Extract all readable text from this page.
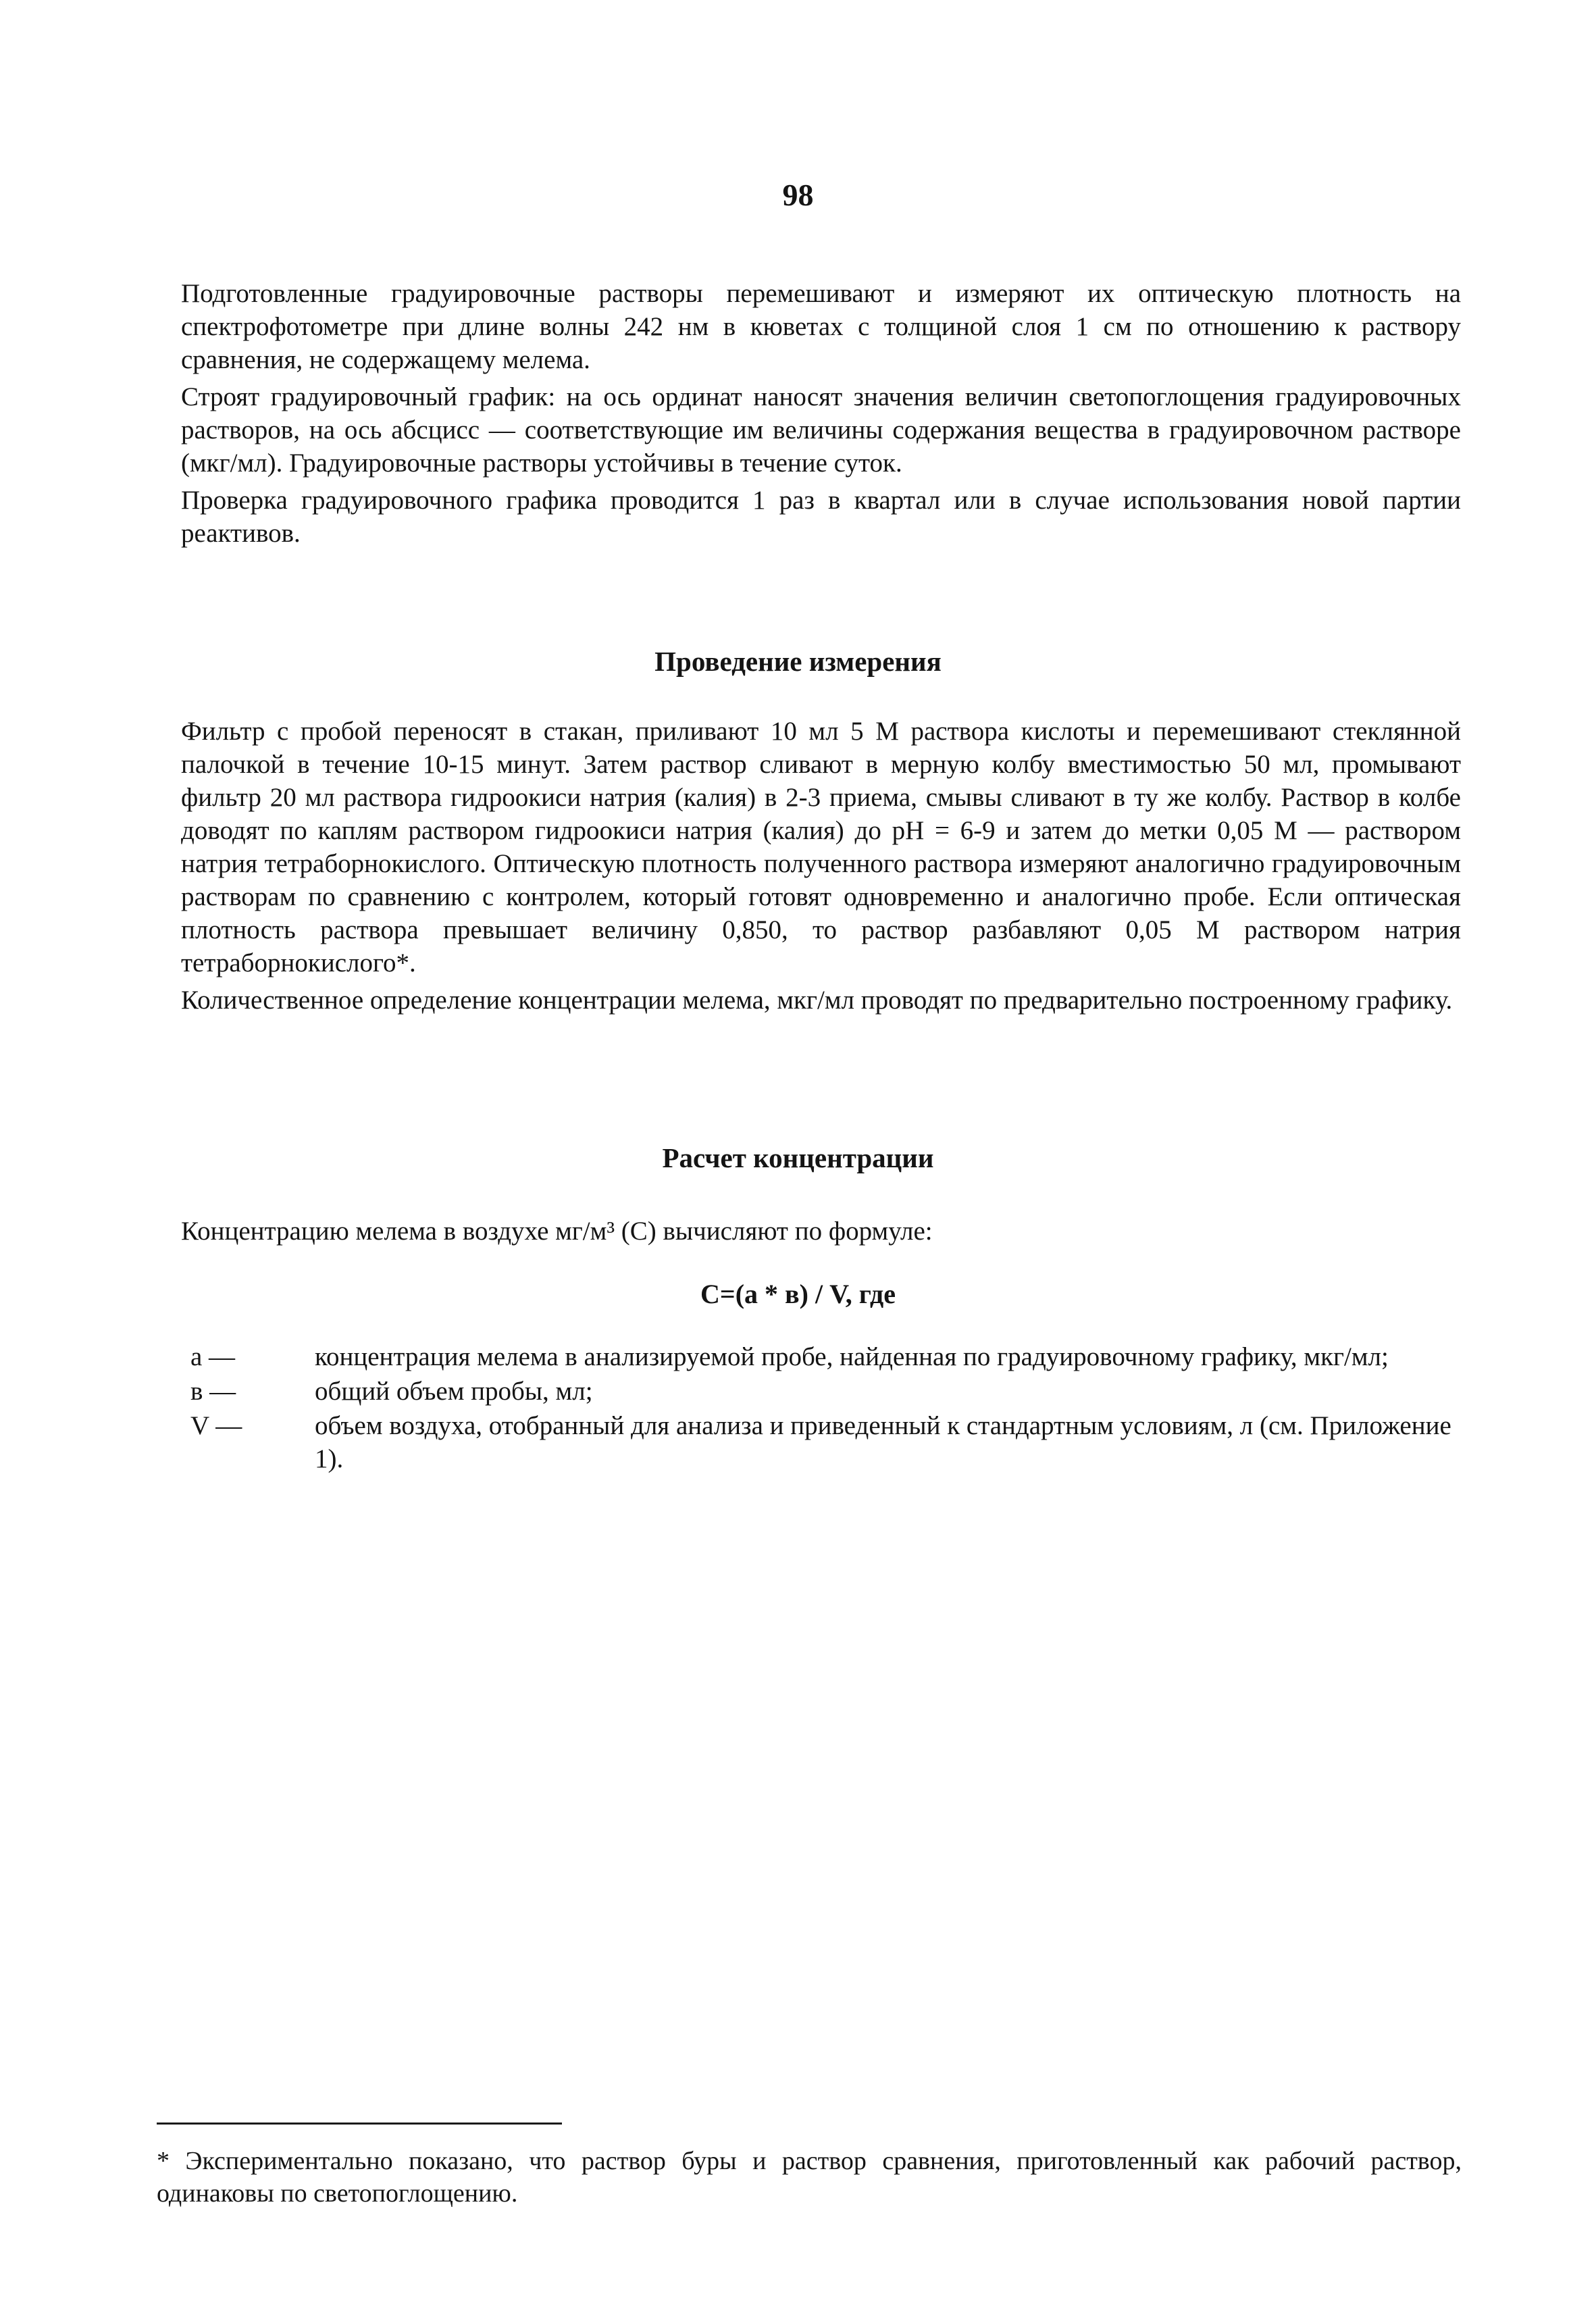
98

Подготовленные градуировочные растворы перемешивают и измеряют их оптическую плотность на спектрофотометре при длине волны 242 нм в кюветах с толщиной слоя 1 см по отношению к раствору сравнения, не содержащему мелема.

Строят градуировочный график: на ось ординат наносят значения величин светопоглощения градуировочных растворов, на ось абсцисс — соответствующие им величины содержания вещества в градуировочном растворе (мкг/мл). Градуировочные растворы устойчивы в течение суток.

Проверка градуировочного графика проводится 1 раз в квартал или в случае использования новой партии реактивов.

Проведение измерения

Фильтр с пробой переносят в стакан, приливают 10 мл 5 М раствора кислоты и перемешивают стеклянной палочкой в течение 10-15 минут. Затем раствор сливают в мерную колбу вместимостью 50 мл, промывают фильтр 20 мл раствора гидроокиси натрия (калия) в 2-3 приема, смывы сливают в ту же колбу. Раствор в колбе доводят по каплям раствором гидроокиси натрия (калия) до pH = 6-9 и затем до метки 0,05 М — раствором натрия тетраборнокислого. Оптическую плотность полученного раствора измеряют аналогично градуировочным растворам по сравнению с контролем, который готовят одновременно и аналогично пробе. Если оптическая плотность раствора превышает величину 0,850, то раствор разбавляют 0,05 М раствором натрия тетраборнокислого*.

Количественное определение концентрации мелема, мкг/мл проводят по предварительно построенному графику.

Расчет концентрации
Концентрацию мелема в воздухе мг/м³ (С) вычисляют по формуле:
С=(а * в) / V, где
а —	концентрация мелема в анализируемой пробе, найденная по градуировочному графику, мкг/мл;
в —	общий объем пробы, мл;
V —	объем воздуха, отобранный для анализа и приведенный к стандартным условиям, л (см. Приложение 1).
* Экспериментально показано, что раствор буры и раствор сравнения, приготовленный как рабочий раствор, одинаковы по светопоглощению.
